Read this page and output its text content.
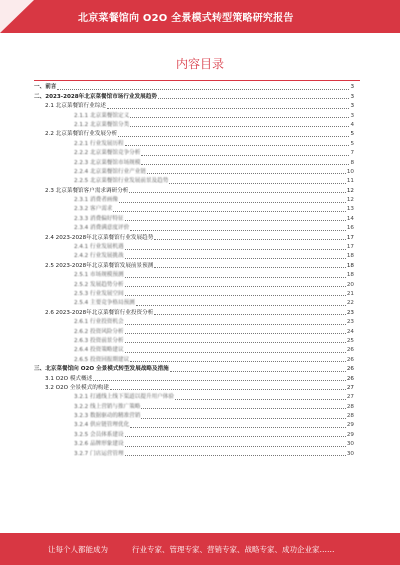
北京菜餐馆向 O2O 全景模式转型策略研究报告
内容目录
一、前言	3
二、2023-2028年北京菜餐馆市场行业发展趋势	3
2.1 北京菜餐馆行业综述	3
2.1.1 北京菜餐馆定义	3
2.1.2 北京菜餐馆分类	4
2.2 北京菜餐馆行业发展分析	5
2.2.1 行业发展历程	5
2.2.2 北京菜餐馆竞争分析	7
2.2.3 北京菜餐馆市场规模	8
2.2.4 北京菜餐馆行业产业链	10
2.2.5 北京菜餐馆行业发展前景及趋势	11
2.3 北京菜餐馆客户需求调研分析	12
2.3.1 消费者画像	12
2.3.2 客户需求	13
2.3.3 消费偏好特征	14
2.3.4 消费满意度评价	16
2.4 2023-2028年北京菜餐馆行业发展趋势	17
2.4.1 行业发展机遇	17
2.4.2 行业发展挑战	18
2.5 2023-2028年北京菜餐馆发展前景预测	18
2.5.1 市场规模预测	18
2.5.2 发展趋势分析	20
2.5.3 行业发展空间	21
2.5.4 主要竞争格局预测	22
2.6 2023-2028年北京菜餐馆行业投资分析	23
2.6.1 行业投资机会	23
2.6.2 投资风险分析	24
2.6.3 投资前景分析	25
2.6.4 投资策略建议	26
2.6.5 投资回报期建议	26
三、北京菜餐馆向 O2O 全景模式转型发展战略及措施	26
3.1 O2O 模式概述	26
3.2 O2O 全景模式的构建	27
3.2.1 打通线上线下渠道以提升用户体验	27
3.2.2 线上营销与推广策略	28
3.2.3 数据驱动的精准营销	28
3.2.4 供应链管理优化	29
3.2.5 会员体系建设	29
3.2.6 品牌形象建设	30
3.2.7 门店运营管理	30
让每个人都能成为	行业专家、管理专家、营销专家、战略专家、成功企业家……
